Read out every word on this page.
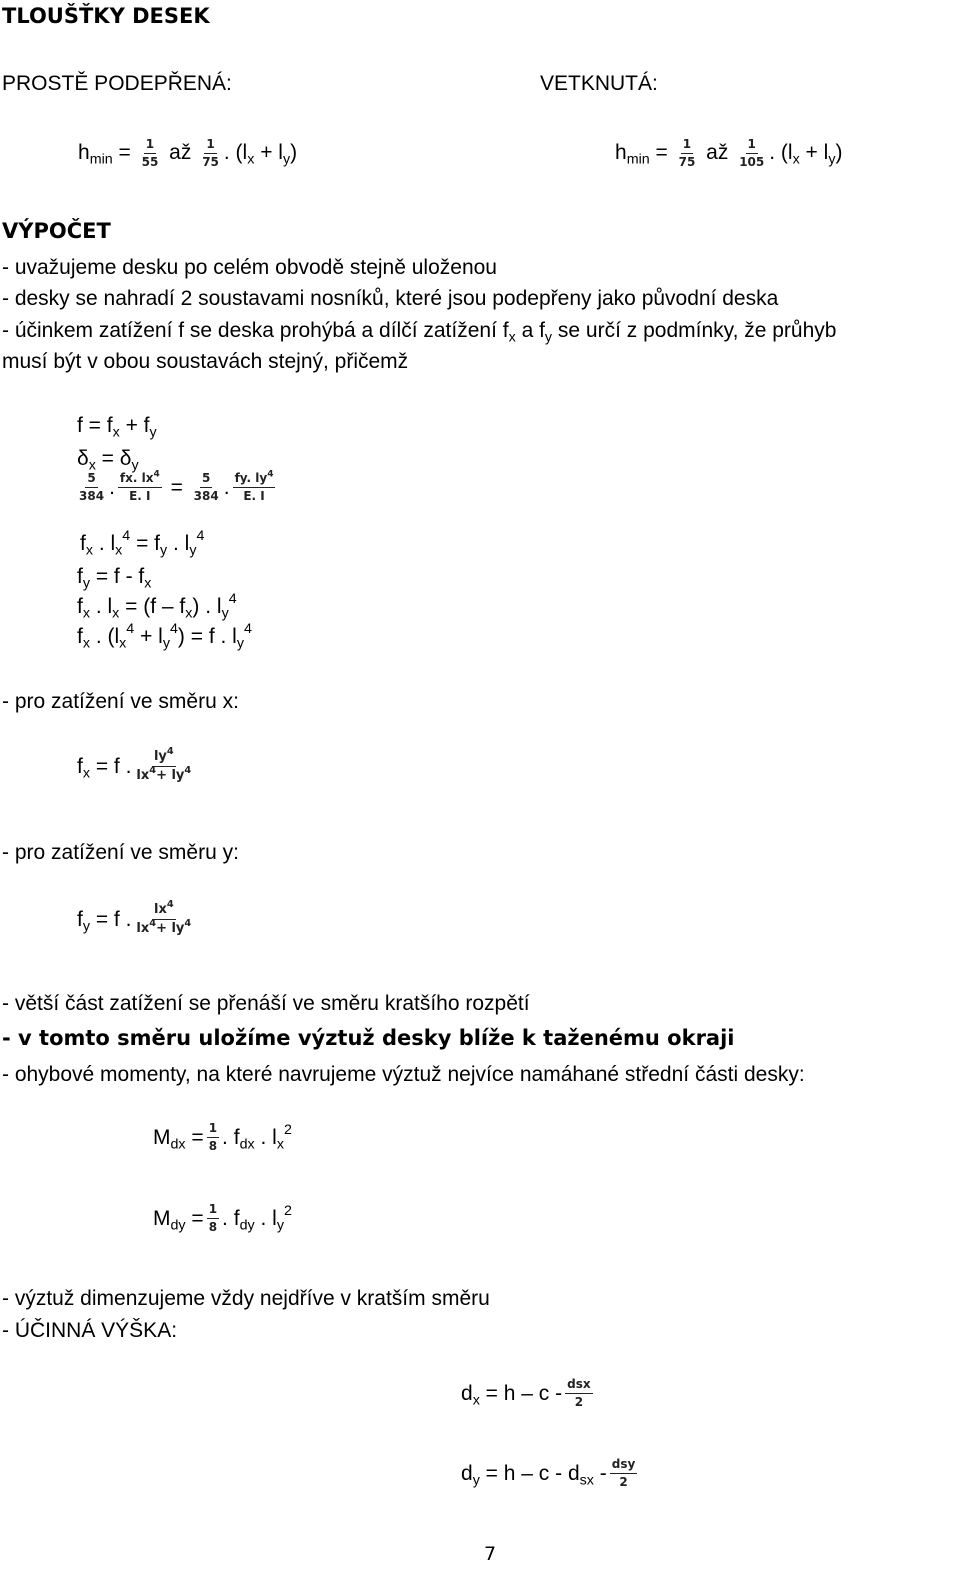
TLOUŠŤKY DESEK
PROSTĚ PODEPŘENÁ:	VETKNUTÁ:
$h_{min} = \frac{1}{55}$ až $\frac{1}{75}$ . $(l_x + l_y)$	$h_{min} = \frac{1}{75}$ až $\frac{1}{105}$ . $(l_x + l_y)$
VÝPOČET
- uvažujeme desku po celém obvodě stejně uloženou
- desky se nahradí 2 soustavami nosníků, které jsou podepřeny jako původní deska
- účinkem zatížení f se deska prohýbá a dílčí zatížení $f_x$ a $f_y$ se určí z podmínky, že průhyb
musí být v obou soustavách stejný, přičemž
$f = f_x + f_y$
$\delta_x = \delta_y$
$\frac{5}{384}$ . $\frac{fx. lx^4}{E. I} = \frac{5}{384}$ . $\frac{fy. ly^4}{E. I}$
$f_x$ . $l_x^4 = f_y$ . $l_y^4$
$f_y = f - f_x$
$f_x$ . $l_x = (f - f_x)$ . $l_y^4$
$f_x$ . $(l_x^4 + l_y^4) = f$ . $l_y^4$
- pro zatížení ve směru x:
$f_x = f$ . $\frac{ly^4}{lx^4+ ly^4}$
- pro zatížení ve směru y:
$f_y = f$ . $\frac{lx^4}{lx^4+ ly^4}$
- větší část zatížení se přenáší ve směru kratšího rozpětí
- v tomto směru uložíme výztuž desky blíže k taženému okraji
- ohybové momenty, na které navrujeme výztuž nejvíce namáhané střední části desky:
$M_{dx} = \frac{1}{8}$ . $f_{dx}$ . $l_x^2$
$M_{dy} = \frac{1}{8}$ . $f_{dy}$ . $l_y^2$
- výztuž dimenzujeme vždy nejdříve v kratším směru
- ÚČINNÁ VÝŠKA:
$d_x = h - c - \frac{\text{dsx}}{2}$
$d_y = h - c - d_{sx} - \frac{\text{dsy}}{2}$
7
